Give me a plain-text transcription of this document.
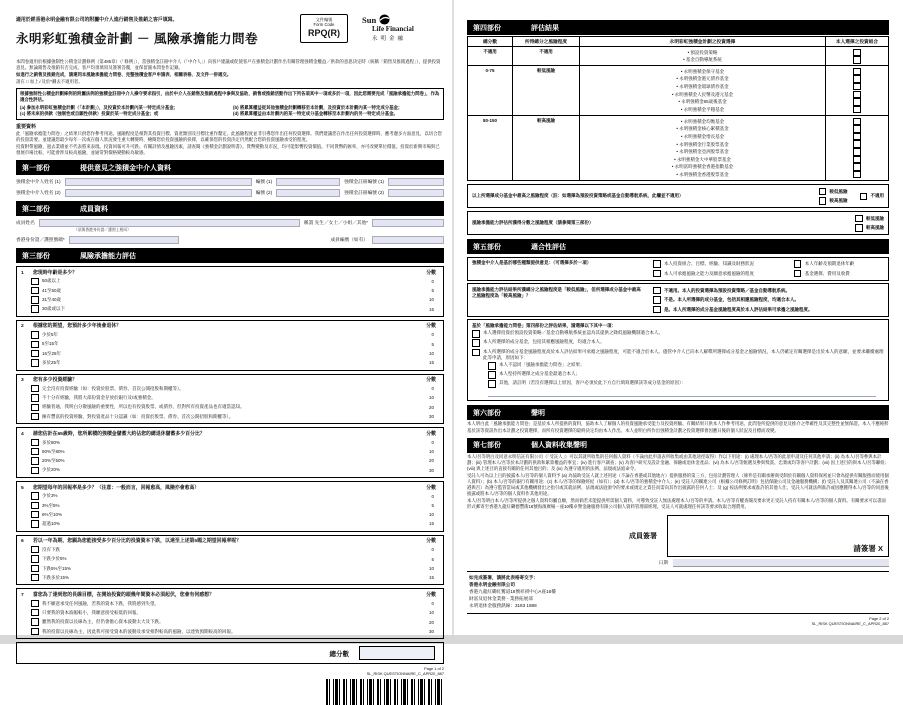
適用於經香港永明金融有限公司的附屬中介人進行銷售及推銷之客戶填寫。
永明彩虹強積金計劃 － 風險承擔能力問卷
文件編號
Form Code
RPQ(R)
Sun
Life Financial
永明金融

本問卷適用於根據強制性公積金計劃條例（第485章）（「條例」），當強積金註冊中介人（「中介人」）向客戶建議或促使客戶在強積金計劃作出有關管理強積金權益／供款的意思決定時（統稱「銷售及推銷過程」），提供投資意見。無論銷售及推銷有否完成，客戶均須填寫及簽署答覆，並保留副本問卷作記錄。

如進行之銷售及推銷完成，請連同本風險承擔能力問卷、完整強積金客戶申請表、相關表格、及文件一併遞交。

請在 □ 加上✓及於*刪去不適用者。

根據強制性公積金計劃條例的附屬法例的強積金註冊中介人操守要求指引，由於中介人在銷售及推銷過程中參與及協助，銷售或推銷活動作出下列各項其中一項或多於一項，因此您需要完成「風險承擔能力問卷」，作為適合性評估。
(a) 參加永明彩虹強積金計劃（「本計劃」），及投資於本計劃內某一特定成分基金；	(b) 將累算權益從其他強積金計劃轉移至本計劃，及投資於本計劃內某一特定成分基金；
(c) 將未來的供款（強制性或自願性供款）投資於某一特定成分基金；或	(d) 將累算權益由本計劃內的某一特定成分基金轉移至本計劃內的另一特定成分基金。
重要資料

此「風險承擔能力問卷」之結果只供您作參考用途。風險程度是相對其投資目標、資產類別及目標比重作釐定。此風險程度並非引導您作出任何投資選擇。我們建議您在作出任何投資選擇時，應考慮多方面意見，以切合您的投資需要。並建議您最少每年一次或在個人狀況發生重大轉變時，檢閱您於投資風險的抉擇，以確保您的投資決定仍然配合您的投資風險承受的程度。

投資附帶風險，過去業績並不代表將來表現。投資回報可升可跌。有關詳情及風險因素，請查閱《強積金計劃說明書》。貨幣變動及市況，均可能影響投資價值。不同貨幣的匯率，亦可改變單位價值。投資於新興市場與已發展市場比較，可能會涉及較高風險，並通常對價格變動較為敏感。

第一部份	提供意見之強積金中介人資料
強積金中介人姓名 (1)	編號 (1)	強積金註冊編號 (1)
強積金中介人姓名 (2)	編號 (2)	強積金註冊編號 (2)
第二部份	成員資料
成員姓名	稱謂 先生／女士／小姐／其他*
（須與香港身份證／護照上相同）
香港身份證／護照號碼*	成員編號（如有）
第三部份	風險承擔能力評估
1	您現時年齡是多少？	分數
50歲以上	0
41至50歲	5
31至40歲	10
30歲或以下	15
2	根據您的期望，您預計多少年後會退休？	分數
少於5年	0
5至15年	5
16至25年	10
多於25年	15
3	您有多少投資經驗？	分數
完全沒有投資經驗（如：投資於股票、債券、首次公開招股和期權等）。	0
不十分有經驗，我將大部份資金存放於銀行及/或強積金。	10
經驗普通，我明白分散風險的重要性，所以也有投資股票、或債券，但對所有投資產品也有適當認知。	20
擁有豐富的投資經驗，對投資產品十分認識（如：投資於股票、債券、首次公開招股和期權等）。	30
4	請您估計在65歲時，您所累積的強積金儲蓄大約佔您的總退休儲蓄多少百分比？	分數
多於80%	0
50%至80%	10
20%至50%	20
少於20%	30
5	您期望每年的回報率是多少？（注意：一般而言，回報愈高，風險亦會愈高）	分數
少於3%	0
3%至5%	5
6%至10%	10
超過10%	15
6	若以一年為期，您願為您能接受多少百分比的投資資本下跌，以達至上述第5題之期望回報率呢？	分數
沒有下跌	0
下跌少於5%	5
下跌5%至15%	10
下跌多於15%	15
7	當您為了達到您的長線目標，在開始投資的頭幾年間資本必須起伏，您會有何感想？	分數
我不願意承受任何風險，若我的資本下跌，我將感到失望。	0
只要我的資本波幅較小，我願意接受較低的回報。	10
雖然我的投資以長線為主，但仍會擔心資本波動太大及下跌。	20
我的投資以長線為主，因此我可接受資本的波動及承受相對較高的風險，以達致預期較高的回報。	30
總分數
Page 1 of 2
SL_RISK QUESTIONNAIRE_C_APR20_887
第四部份	評估結果
總分數	所得總分之風險程度	永明彩虹強積金計劃之投資選擇	本人選擇之投資組合
不適用	不適用	• 預設投資策略
• 基金自動導航系統	

0-75	較低風險	• 永明強積金保守基金
• 永明強積金港元債券基金
• 永明強積金環球債券基金
• 永明強積金人民幣及港元基金
• 永明強積金65歲後基金
• 永明強積金平穩基金

80-150	較高風險	• 永明強積金均衡基金
• 永明強積金核心累積基金
• 永明強積金增長基金
• 永明強積金行業股票基金
• 永明強積金亞洲股票基金
• 永明強積金大中華股票基金
• 永明富時強積金香港指數基金
• 永明強積金香港股票基金

以上所選擇成分基金中最高之風險程度（註：如選擇為預設投資策略或基金自動導航系統，此欄並不適用）
較低風險
較高風險
不適用
風險承擔能力評估所獲得分數之風險程度（請參閱第三部份）
較低風險
較高風險
第五部份	適合性評估
強積金中介人是基於哪些種類提供意見：（可選擇多於一項）	本人投資組合、目標、經驗、知識及財務狀況
本人可承擔風險之能力及願意承擔風險的程度
本人年齡及預期退休年齡
基金選擇、費用及收費
風險承擔能力評估結果所獲總分之風險程度是「較低風險」，但所選擇成分基金中最高之風險程度為「較高風險」？
不適用。本人的投資選擇為預設投資策略／基金自動導航系統。
不是。本人所選擇的成分基金，包括其相應風險程度，均適合本人。
是。本人所選擇的成分基金風險程度高於本人評估結果可承擔之風險程度。
基於「風險承擔能力問卷」第四部份之評估結果，請選擇以下其中一項：
本人選擇投資於預設投資策略／基金自動導航系統並認為其提供之降低風險機制適合本人。
本人所選擇的成分基金，包括其相應風險程度，均適合本人。
本人所選擇的成分基金風險程度高於本人評估結果可承擔之風險程度，可能不適合於本人。儘管中介人已向本人解釋所選擇成分基金之風險情況，本人仍確定有關選擇是出於本人的意願，並要求繼續處理此等申請，原因如下：
本人不認同「風險承擔能力問卷」之結果；
本人堅持所選擇之成分基金最適合本人；
其他，請註明（若沒有選擇以上原因，客戶必須於此下方自行填寫選擇該等成分基金的原因）：
第六部份	聲明

本人明白此「風險承擔能力問卷」是基於本人所提供的資料，協助本人了解個人的投資風險承受能力及投資經驗。有關結果只供本人作參考用途。此問卷所提供的意見及推介之準確性及其完整性並無保證。本人不應純粹基於該等資訊作出本計劃之投資選擇，而所有投資選擇的最終決定均由本人作出。本人並明白所作出強積金計劃之投資選擇會因應日後的個人狀況及目標而改變。

第七部份	個人資料收集聲明

本人/吾等明白及同意永明信託有限公司（「受託人」）可以其就所收集的任何個人資料（不論由此申請表所收集或由其他途徑取得）作以下用途：(i) 處理本人/吾等的此項申請及任何其他申請；(ii) 為本人/吾等參與本計劃；(iii) 管理本人/吾等於本計劃的供款和累算權益的事宜；(iv) 進行客戶調查；(v) 為客戶研究及設計金融、保險或退休金產品；(vi) 為本人/吾等甄選及參與獎賞、忠實或均等客戶計劃；(vii) 因上述目的與本人/吾等聯絡；(viii) 與上述目的直接有關的任何其他目的；及 (ix) 為遵守適用的法例、法規或法庭命令。

受託人可為以上目的披露本人/吾等的個人資料予 (a) 為協助受託人就上述用途（不論在香港或其他地方）提供服務的第三方，包括計劃管理人（條件是有關承辦商受制於有關個人資料保密並只會為提供有關服務而使用個人資料）；(b) 本人/吾等的銀行有關用途；(c) 本人/吾等的保險經紀（如有）；(d) 本人/吾等的強積金中介人；(e) 受託人的關連公司（根據公司條例訂明）包括保險公司及金融服務機構；(f) 受託人及其關連公司（不論在香港與否）為遵守監管當局或其他機構發出之指引或其就法例、法規或法庭頒令的要求或規定之責任而需向其作出披露的任何人士；及 (g) 按法例要求或准許的其他人仕。受託人可就法例准許或因應獲得本人/吾等的同意後披露或將本人/吾等的個人資料作其他用途。

本人/吾等明白本人/吾等所提供之個人資料均屬自願，然而倘若未能提供所需個人資料，可導致受託人無法處理本人/吾等的申請。本人/吾等有權查閱及要求更正受託人持有有關本人/吾等的個人資料。有關要求可以書面形式郵寄至香港九龍紅磡德豐街18號海濱廣場一座10樓卓譽金融服務有限公司個人資料管理部經理。受託人可就處理任何該等要求收取合理費用。

成員簽署
請簽署 X
日期
如完成簽署，請將此表格寄交予：
香港永明金融有限公司
香港九龍紅磡紅鸞道18號祥祺中心A座16樓
財富及退休金業務 - 業務拓展部
永明退休金服務熱線：3183 1888
Page 2 of 2
SL_RISK QUESTIONNAIRE_C_APR20_887
